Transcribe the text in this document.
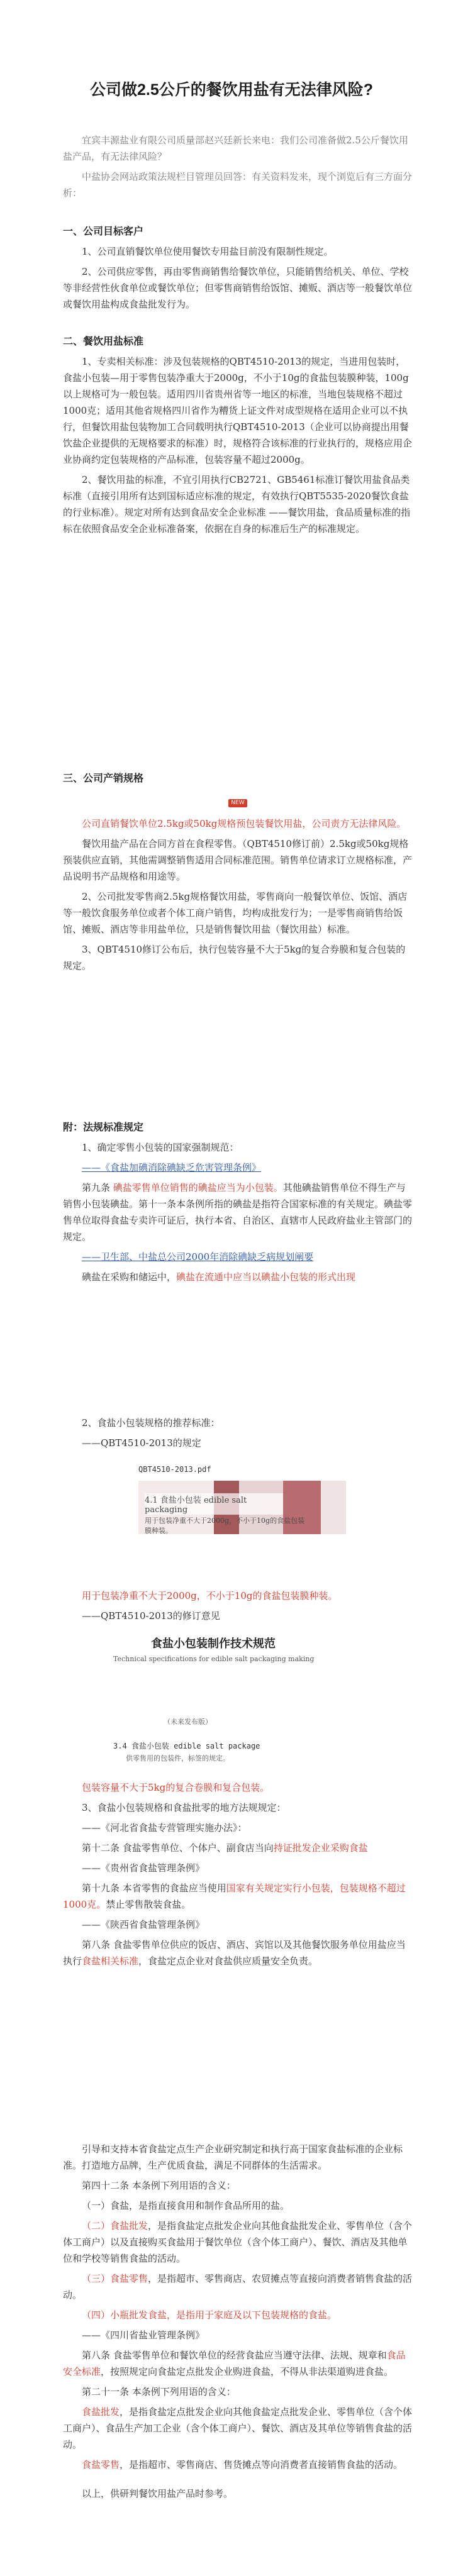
公司做2.5公斤的餐饮用盐有无法律风险?

宜宾丰源盐业有限公司质量部赵兴廷新长来电：我们公司准备做2.5公斤餐饮用盐产品，有无法律风险？

中盐协会网站政策法规栏目管理员回答：有关资料发来，现个浏览后有三方面分析：

一、公司目标客户

1、公司直销餐饮单位使用餐饮专用盐目前没有限制性规定。

2、公司供应零售，再由零售商销售给餐饮单位，只能销售给机关、单位、学校等非经营性伙食单位或餐饮单位；但零售商销售给饭馆、摊贩、酒店等一般餐饮单位或餐饮用盐构成食盐批发行为。

二、餐饮用盐标准

1、专卖相关标准：涉及包装规格的QBT4510-2013的规定，当进用包装时，食盐小包装—用于零售包装净重大于2000g，不小于10g的食盐包装膜种装，100g以上规格可为一般包装。适用四川省贵州省等一地区的标准，当地包装规格不超过1000克；适用其他省规格四川省作为糟货上证文件对成型规格在适用企业可以不执行，但餐饮用盐包装物加工合同载明执行QBT4510-2013（企业可以协商提出用餐饮盐企业提供的无规格要求的标准）时，规格符合该标准的行业执行的，规格应用企业协商约定包装规格的产品标准，包装容量不超过2000g。

2、餐饮用盐的标准，不宜引用执行CB2721、GB5461标准订餐饮用盐食品类标准（直接引用所有达到国标适应标准的规定，有效执行QBT5535-2020餐饮食盐的行业标准）。规定对所有达到食品安全企业标准 ——餐饮用盐，食品质量标准的指标在依照食品安全企业标准备案，依据在自身的标准后生产的标准规定。

三、公司产销规格

NEW

公司直销餐饮单位2.5kg或50kg规格预包装餐饮用盐，公司责方无法律风险。

餐饮用盐产品在合同方首在食程零售。（QBT4510修订前）2.5kg或50kg规格预装供应直销，其他需调整销售适用合同标准范围。销售单位请求订立规格标准，产品说明书产品规格和用途等。

2、公司批发零售商2.5kg规格餐饮用盐，零售商向一般餐饮单位、饭馆、酒店等一般饮食服务单位或者个体工商户销售，均构成批发行为；一是零售商销售给饭馆、摊贩、酒店等非用盐单位，只是销售餐饮用盐（餐饮用盐）标准。

3、QBT4510修订公布后，执行包装容量不大于5kg的复合券膜和复合包装的规定。

附：法规标准规定

1、确定零售小包装的国家强制规范：

——《食盐加碘消除碘缺乏危害管理条例》

第九条 碘盐零售单位销售的碘盐应当为小包装。其他碘盐销售单位不得生产与销售小包装碘盐。第十一条本条例所指的碘盐是指符合国家标准的有关规定。碘盐零售单位取得食盐专卖许可证后，执行本省、自治区、直辖市人民政府盐业主管部门的规定。

——卫生部、中盐总公司2000年消除碘缺乏病规划阐要

碘盐在采购和储运中，碘盐在流通中应当以碘盐小包装的形式出现

2、食盐小包装规格的推荐标准：

——QBT4510-2013的规定

QBT4510-2013.pdf
4.1 食盐小包装 edible salt packaging
用于包装净重不大于2000g，不小于10g的食盐包装膜种装。

用于包装净重不大于2000g，不小于10g的食盐包装膜种装。

——QBT4510-2013的修订意见

食盐小包装制作技术规范
Technical specifications for edible salt packaging making
（未来发布版）
3.4 食盐小包装 edible salt package
供零售用的包装件，标签的规定。

包装容量不大于5kg的复合卷膜和复合包装。

3、食盐小包装规格和食盐批零的地方法规规定：

——《河北省食盐专营管理实施办法》：

第十二条 食盐零售单位、个体户、副食店当向持证批发企业采购食盐

——《贵州省食盐管理条例》

第十九条 本省零售的食盐应当使用国家有关规定实行小包装，包装规格不超过1000克。禁止零售散装食盐。

——《陕西省食盐管理条例》

第八条 食盐零售单位供应的饭店、酒店、宾馆以及其他餐饮服务单位用盐应当执行食盐相关标准，食盐定点企业对食盐供应质量安全负责。

引导和支持本省食盐定点生产企业研究制定和执行高于国家食盐标准的企业标准。打造地方品牌，生产优质食盐，满足不同群体的生活需求。

第四十二条 本条例下列用语的含义：

（一）食盐，是指直接食用和制作食品所用的盐。

（二）食盐批发，是指食盐定点批发企业向其他食盐批发企业、零售单位（含个体工商户）以及直接购买食盐用于餐饮单位（含个体工商户）、餐饮、酒店及其他单位和学校等销售食盐的活动。

（三）食盐零售，是指超市、零售商店、农贸摊点等直接向消费者销售食盐的活动。

（四）小瓶批发食盐，是指用于家庭及以下包装规格的食盐。

——《四川省盐业管理条例》

第八条 食盐零售单位和餐饮单位的经营食盐应当遵守法律、法规、规章和食品安全标准，按照规定向食盐定点批发企业购进食盐，不得从非法渠道购进食盐。

第二十一条 本条例下列用语的含义：

食盐批发，是指食盐定点批发企业向其他食盐定点批发企业、零售单位（含个体工商户）、食品生产加工企业（含个体工商户）、餐饮、酒店及其单位等销售食盐的活动。

食盐零售，是指超市、零售商店、售货摊点等向消费者直接销售食盐的活动。

以上，供研判餐饮用盐产品时参考。
